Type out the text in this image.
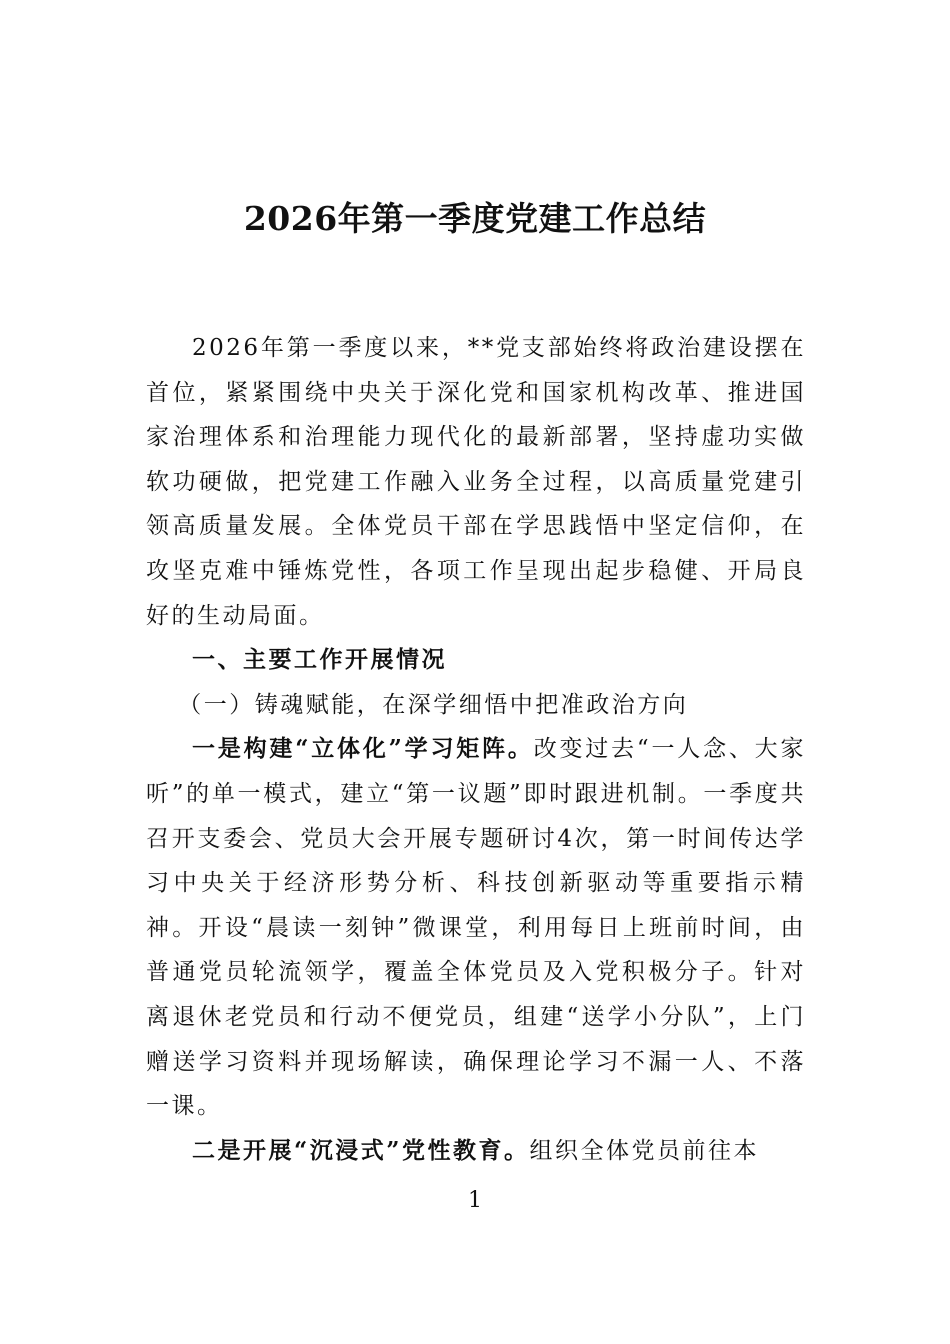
2026年第一季度党建工作总结

2026年第一季度以来，**党支部始终将政治建设摆在首位，紧紧围绕中央关于深化党和国家机构改革、推进国家治理体系和治理能力现代化的最新部署，坚持虚功实做软功硬做，把党建工作融入业务全过程，以高质量党建引领高质量发展。全体党员干部在学思践悟中坚定信仰，在攻坚克难中锤炼党性，各项工作呈现出起步稳健、开局良好的生动局面。

一、主要工作开展情况

（一）铸魂赋能，在深学细悟中把准政治方向

一是构建“立体化”学习矩阵。改变过去“一人念、大家听”的单一模式，建立“第一议题”即时跟进机制。一季度共召开支委会、党员大会开展专题研讨4次，第一时间传达学习中央关于经济形势分析、科技创新驱动等重要指示精神。开设“晨读一刻钟”微课堂，利用每日上班前时间，由普通党员轮流领学，覆盖全体党员及入党积极分子。针对离退休老党员和行动不便党员，组建“送学小分队”，上门赠送学习资料并现场解读，确保理论学习不漏一人、不落一课。

二是开展“沉浸式”党性教育。组织全体党员前往本

1
